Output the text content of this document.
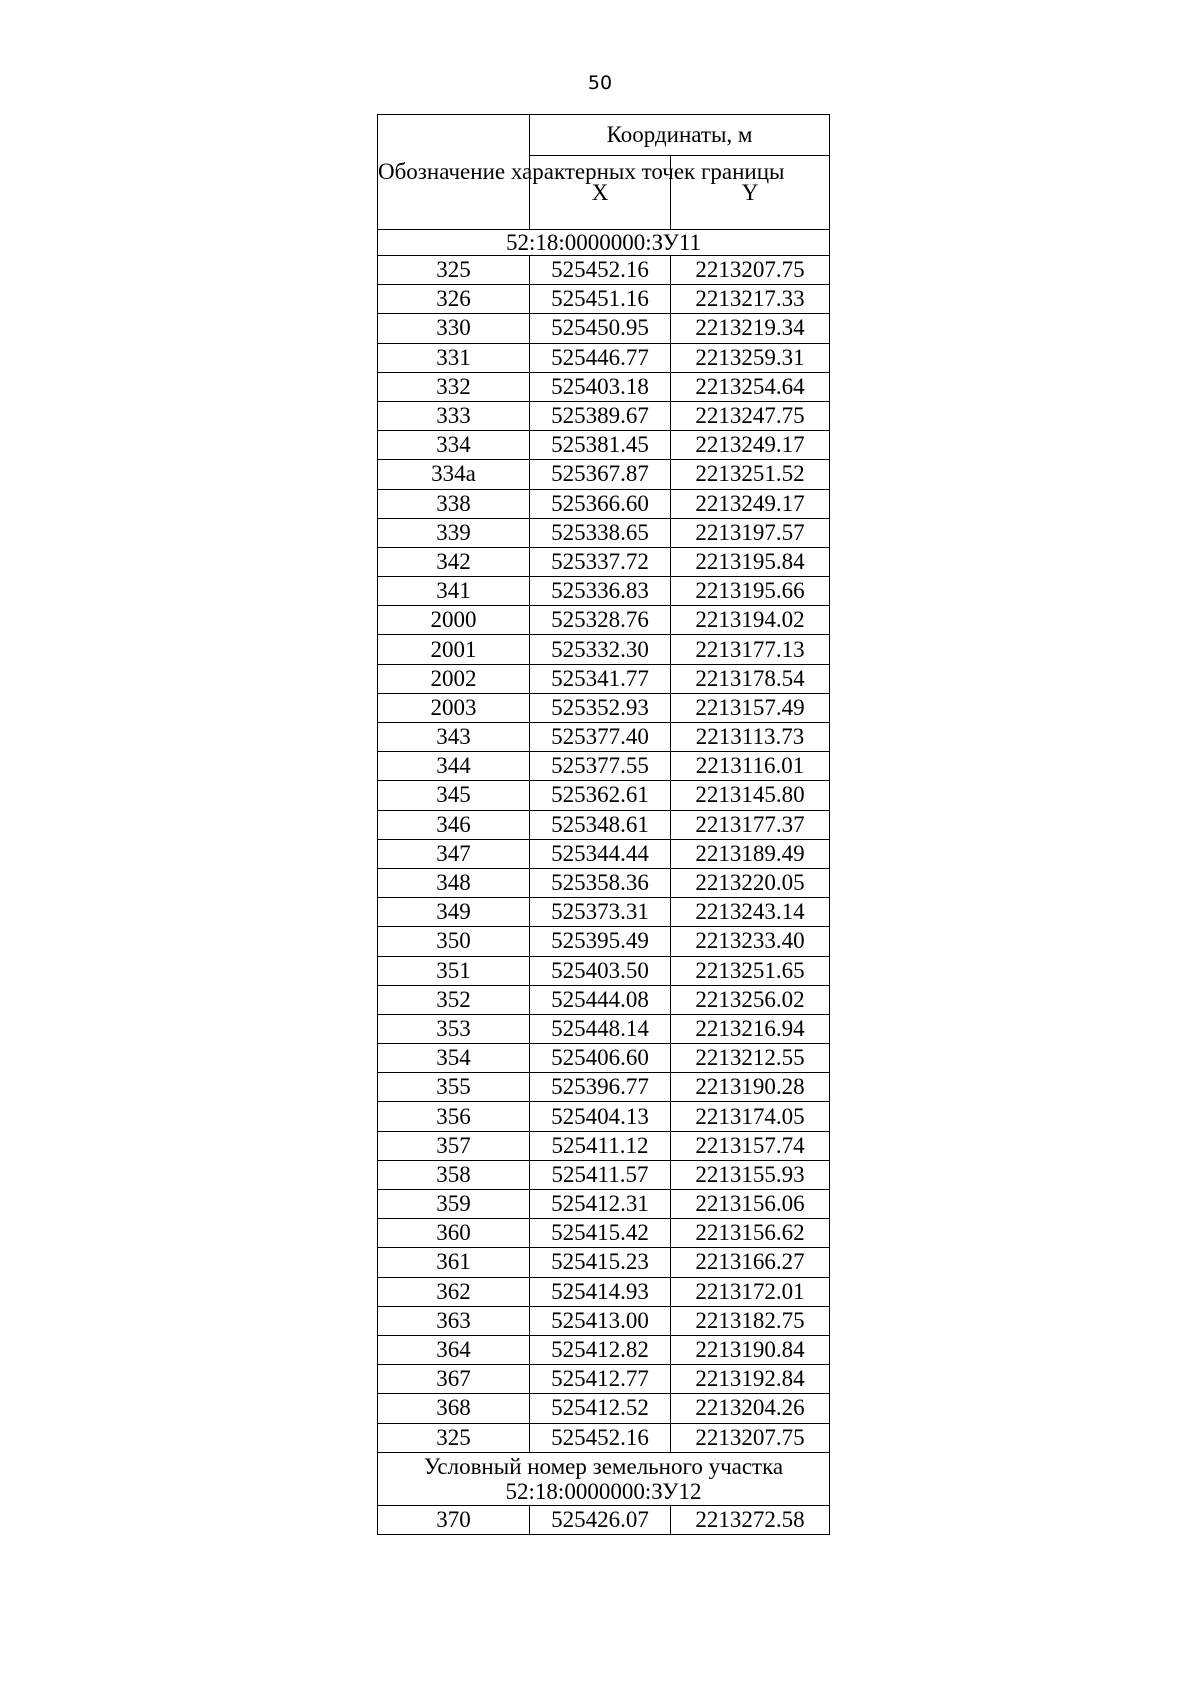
50
Обозначение характерных точек границы	Координаты, м	
	X	Y
52:18:0000000:ЗУ11		
325	525452.16	2213207.75
326	525451.16	2213217.33
330	525450.95	2213219.34
331	525446.77	2213259.31
332	525403.18	2213254.64
333	525389.67	2213247.75
334	525381.45	2213249.17
334а	525367.87	2213251.52
338	525366.60	2213249.17
339	525338.65	2213197.57
342	525337.72	2213195.84
341	525336.83	2213195.66
2000	525328.76	2213194.02
2001	525332.30	2213177.13
2002	525341.77	2213178.54
2003	525352.93	2213157.49
343	525377.40	2213113.73
344	525377.55	2213116.01
345	525362.61	2213145.80
346	525348.61	2213177.37
347	525344.44	2213189.49
348	525358.36	2213220.05
349	525373.31	2213243.14
350	525395.49	2213233.40
351	525403.50	2213251.65
352	525444.08	2213256.02
353	525448.14	2213216.94
354	525406.60	2213212.55
355	525396.77	2213190.28
356	525404.13	2213174.05
357	525411.12	2213157.74
358	525411.57	2213155.93
359	525412.31	2213156.06
360	525415.42	2213156.62
361	525415.23	2213166.27
362	525414.93	2213172.01
363	525413.00	2213182.75
364	525412.82	2213190.84
367	525412.77	2213192.84
368	525412.52	2213204.26
325	525452.16	2213207.75
Условный номер земельного участка
52:18:0000000:ЗУ12		
370	525426.07	2213272.58
